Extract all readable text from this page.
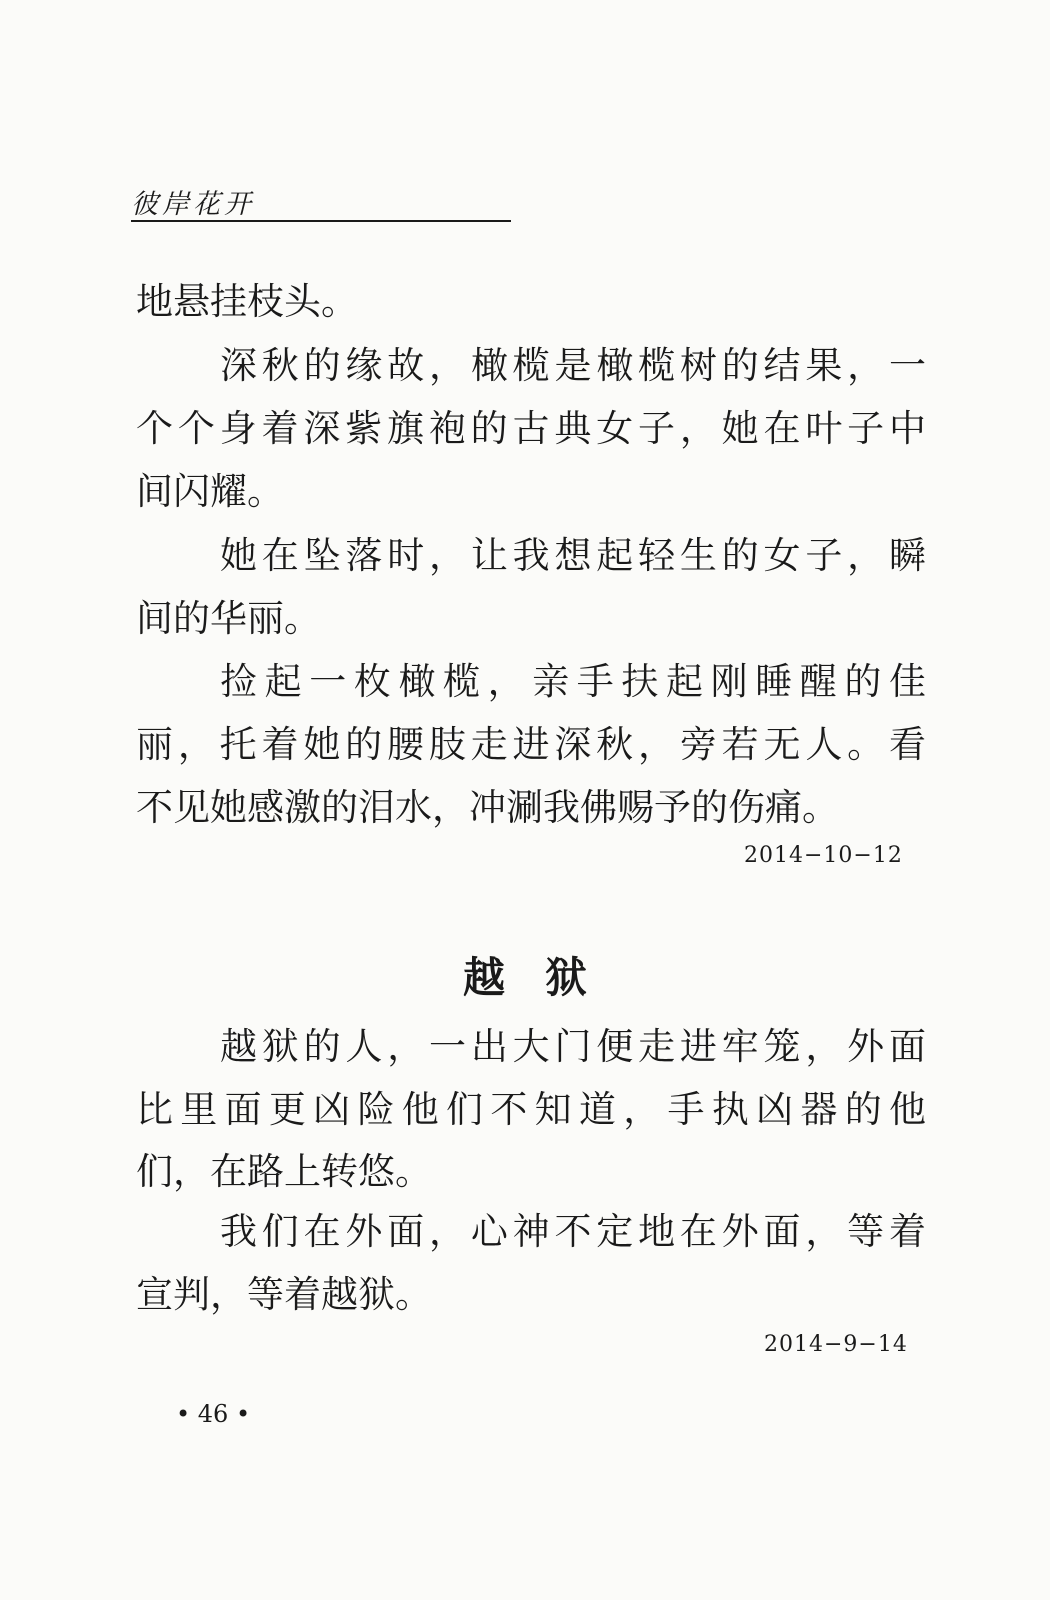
彼岸花开
地悬挂枝头。
深秋的缘故，橄榄是橄榄树的结果，一
个个身着深紫旗袍的古典女子，她在叶子中
间闪耀。
她在坠落时，让我想起轻生的女子，瞬
间的华丽。
捡起一枚橄榄，亲手扶起刚睡醒的佳
丽，托着她的腰肢走进深秋，旁若无人。看
不见她感激的泪水，冲涮我佛赐予的伤痛。
2014−10−12
越狱
越狱的人，一出大门便走进牢笼，外面
比里面更凶险他们不知道，手执凶器的他
们，在路上转悠。
我们在外面，心神不定地在外面，等着
宣判，等着越狱。
2014−9−14
• 46 •
